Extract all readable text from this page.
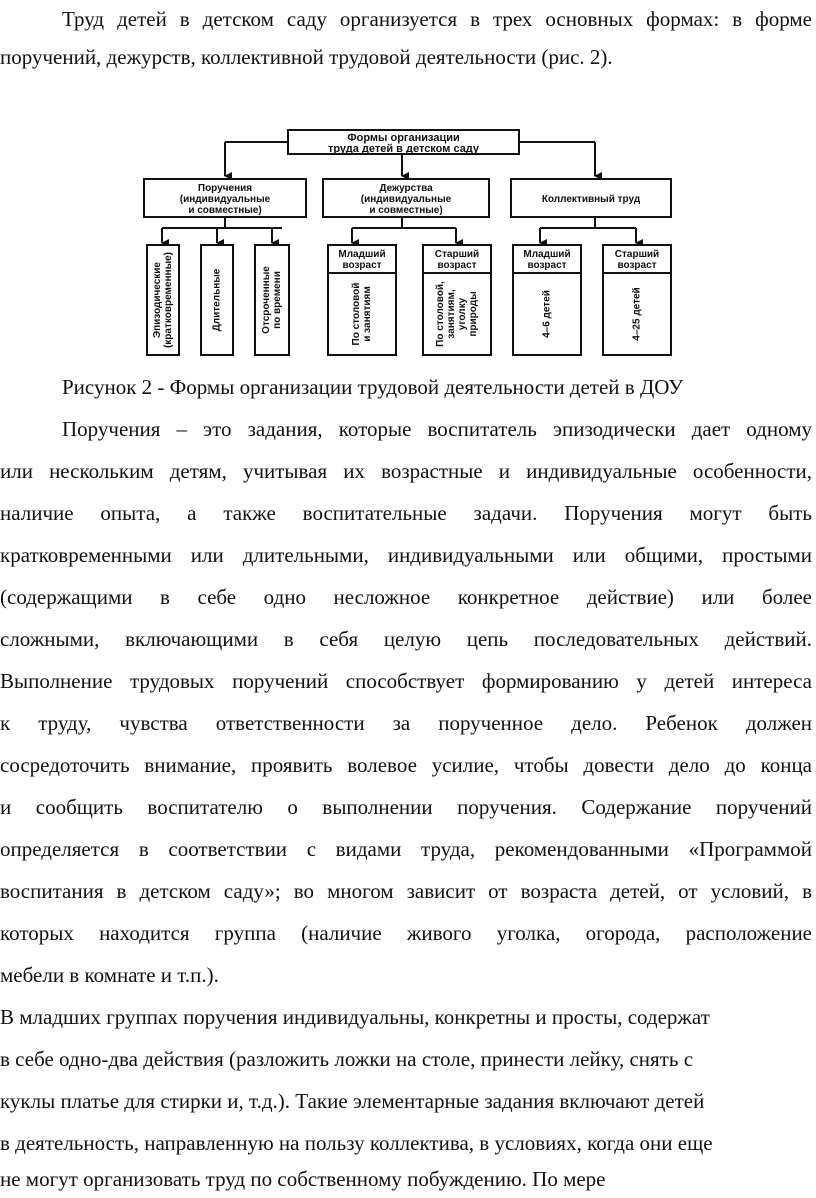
Труд детей в детском саду организуется в трех основных формах: в форме
поручений, дежурств, коллективной трудовой деятельности (рис. 2).
Формы организации
труда детей в детском саду
Поручения
(индивидуальные
и совместные)
Дежурства
(индивидуальные
и совместные)
Коллективный труд
Эпизодические (кратковременные)	Длительные	Отсроченные по времени
Младший
возраст
По столовой и занятиям
Старший
возраст
По столовой, занятиям, уголку природы
Младший
возраст
4–6 детей
Старший
возраст
4–25 детей
Рисунок 2 - Формы организации трудовой деятельности детей в ДОУ
Поручения – это задания, которые воспитатель эпизодически дает одному
или нескольким детям, учитывая их возрастные и индивидуальные особенности,
наличие опыта, а также воспитательные задачи. Поручения могут быть
кратковременными или длительными, индивидуальными или общими, простыми
(содержащими в себе одно несложное конкретное действие) или более
сложными, включающими в себя целую цепь последовательных действий.
Выполнение трудовых поручений способствует формированию у детей интереса
к труду, чувства ответственности за порученное дело. Ребенок должен
сосредоточить внимание, проявить волевое усилие, чтобы довести дело до конца
и сообщить воспитателю о выполнении поручения. Содержание поручений
определяется в соответствии с видами труда, рекомендованными «Программой
воспитания в детском саду»; во многом зависит от возраста детей, от условий, в
которых находится группа (наличие живого уголка, огорода, расположение
мебели в комнате и т.п.).
В младших группах поручения индивидуальны, конкретны и просты, содержат
в себе одно-два действия (разложить ложки на столе, принести лейку, снять с
куклы платье для стирки и, т.д.). Такие элементарные задания включают детей
в деятельность, направленную на пользу коллектива, в условиях, когда они еще
не могут организовать труд по собственному побуждению. По мере
